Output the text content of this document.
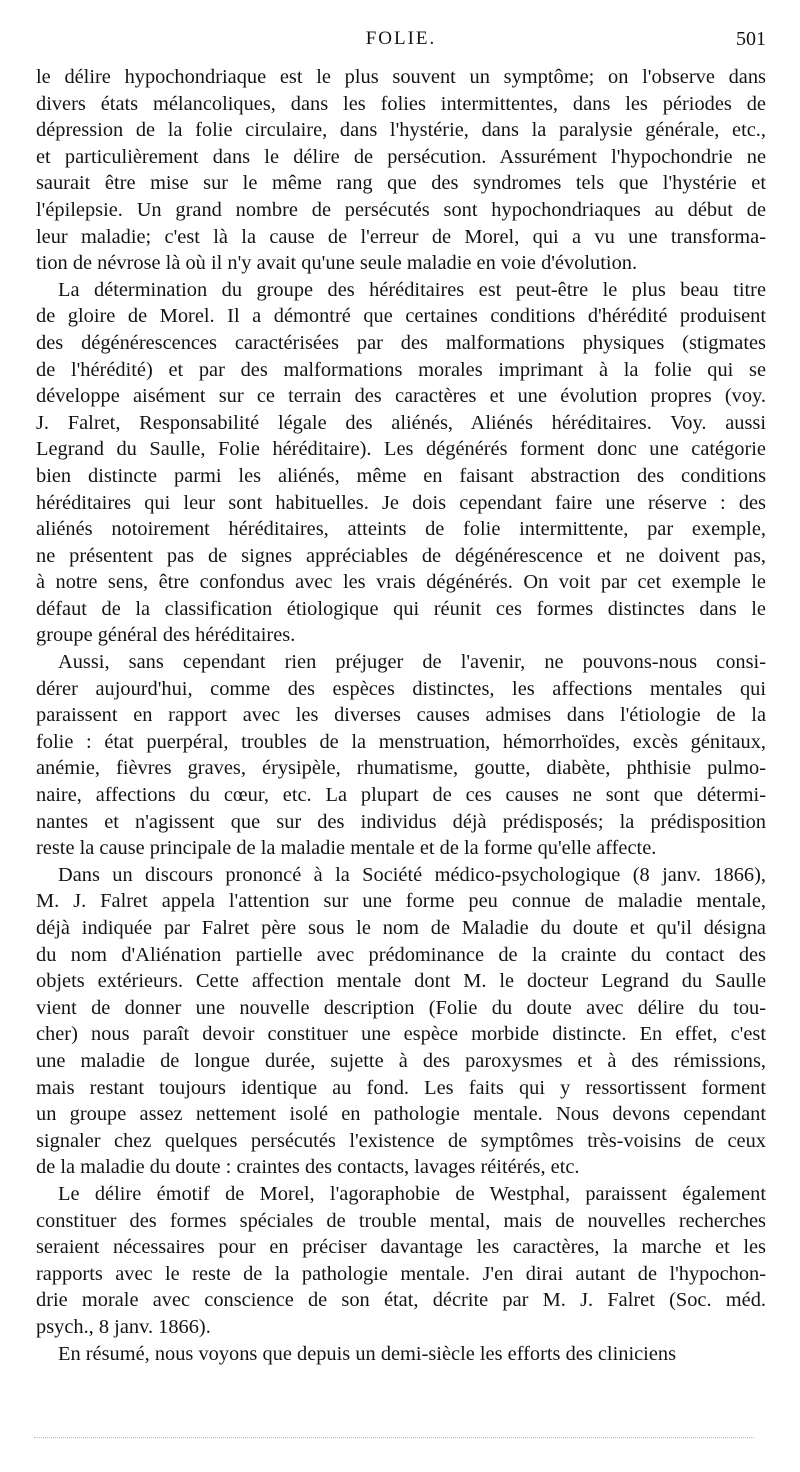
FOLIE.	501

le délire hypochondriaque est le plus souvent un symptôme; on l'observe dans
divers états mélancoliques, dans les folies intermittentes, dans les périodes de
dépression de la folie circulaire, dans l'hystérie, dans la paralysie générale, etc.,
et particulièrement dans le délire de persécution. Assurément l'hypochondrie ne
saurait être mise sur le même rang que des syndromes tels que l'hystérie et
l'épilepsie. Un grand nombre de persécutés sont hypochondriaques au début de
leur maladie; c'est là la cause de l'erreur de Morel, qui a vu une transforma-
tion de névrose là où il n'y avait qu'une seule maladie en voie d'évolution.

La détermination du groupe des héréditaires est peut-être le plus beau titre
de gloire de Morel. Il a démontré que certaines conditions d'hérédité produisent
des dégénérescences caractérisées par des malformations physiques (stigmates
de l'hérédité) et par des malformations morales imprimant à la folie qui se
développe aisément sur ce terrain des caractères et une évolution propres (voy.
J. Falret, Responsabilité légale des aliénés, Aliénés héréditaires. Voy. aussi
Legrand du Saulle, Folie héréditaire). Les dégénérés forment donc une catégorie
bien distincte parmi les aliénés, même en faisant abstraction des conditions
héréditaires qui leur sont habituelles. Je dois cependant faire une réserve : des
aliénés notoirement héréditaires, atteints de folie intermittente, par exemple,
ne présentent pas de signes appréciables de dégénérescence et ne doivent pas,
à notre sens, être confondus avec les vrais dégénérés. On voit par cet exemple le
défaut de la classification étiologique qui réunit ces formes distinctes dans le
groupe général des héréditaires.

Aussi, sans cependant rien préjuger de l'avenir, ne pouvons-nous consi-
dérer aujourd'hui, comme des espèces distinctes, les affections mentales qui
paraissent en rapport avec les diverses causes admises dans l'étiologie de la
folie : état puerpéral, troubles de la menstruation, hémorrhoïdes, excès génitaux,
anémie, fièvres graves, érysipèle, rhumatisme, goutte, diabète, phthisie pulmo-
naire, affections du cœur, etc. La plupart de ces causes ne sont que détermi-
nantes et n'agissent que sur des individus déjà prédisposés; la prédisposition
reste la cause principale de la maladie mentale et de la forme qu'elle affecte.

Dans un discours prononcé à la Société médico-psychologique (8 janv. 1866),
M. J. Falret appela l'attention sur une forme peu connue de maladie mentale,
déjà indiquée par Falret père sous le nom de Maladie du doute et qu'il désigna
du nom d'Aliénation partielle avec prédominance de la crainte du contact des
objets extérieurs. Cette affection mentale dont M. le docteur Legrand du Saulle
vient de donner une nouvelle description (Folie du doute avec délire du tou-
cher) nous paraît devoir constituer une espèce morbide distincte. En effet, c'est
une maladie de longue durée, sujette à des paroxysmes et à des rémissions,
mais restant toujours identique au fond. Les faits qui y ressortissent forment
un groupe assez nettement isolé en pathologie mentale. Nous devons cependant
signaler chez quelques persécutés l'existence de symptômes très-voisins de ceux
de la maladie du doute : craintes des contacts, lavages réitérés, etc.

Le délire émotif de Morel, l'agoraphobie de Westphal, paraissent également
constituer des formes spéciales de trouble mental, mais de nouvelles recherches
seraient nécessaires pour en préciser davantage les caractères, la marche et les
rapports avec le reste de la pathologie mentale. J'en dirai autant de l'hypochon-
drie morale avec conscience de son état, décrite par M. J. Falret (Soc. méd.
psych., 8 janv. 1866).

En résumé, nous voyons que depuis un demi-siècle les efforts des cliniciens
